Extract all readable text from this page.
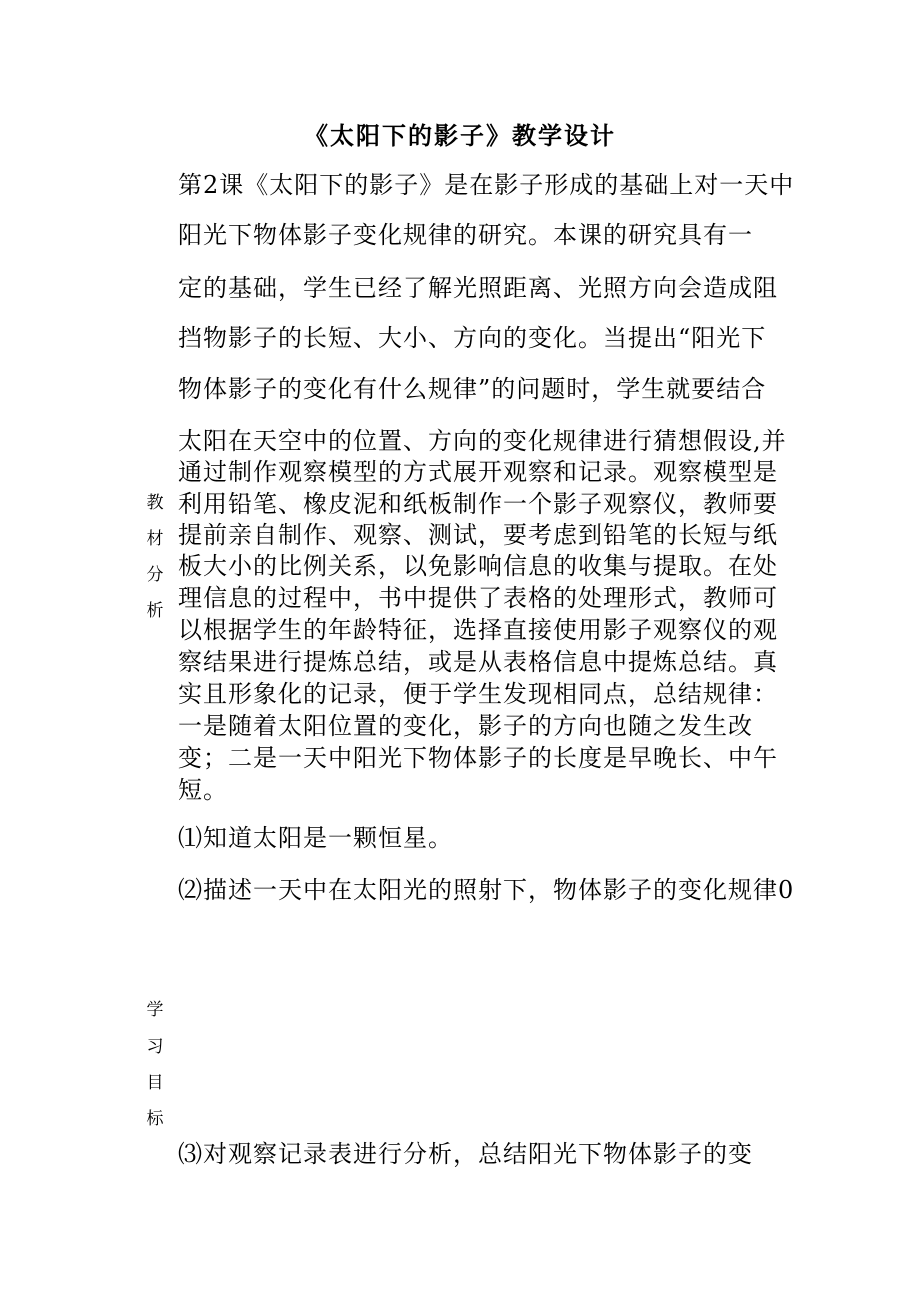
《太阳下的影子》教学设计
教
材
分
析
第2课《太阳下的影子》是在影子形成的基础上对一天中
阳光下物体影子变化规律的研究。本课的研究具有一
定的基础，学生已经了解光照距离、光照方向会造成阻
挡物影子的长短、大小、方向的变化。当提出“阳光下
物体影子的变化有什么规律”的问题时，学生就要结合
太阳在天空中的位置、方向的变化规律进行猜想假设,并
通过制作观察模型的方式展开观察和记录。观察模型是
利用铅笔、橡皮泥和纸板制作一个影子观察仪，教师要
提前亲自制作、观察、测试，要考虑到铅笔的长短与纸
板大小的比例关系，以免影响信息的收集与提取。在处
理信息的过程中，书中提供了表格的处理形式，教师可
以根据学生的年龄特征，选择直接使用影子观察仪的观
察结果进行提炼总结，或是从表格信息中提炼总结。真
实且形象化的记录，便于学生发现相同点，总结规律：
一是随着太阳位置的变化，影子的方向也随之发生改
变；二是一天中阳光下物体影子的长度是早晚长、中午
短。
⑴知道太阳是一颗恒星。
⑵描述一天中在太阳光的照射下，物体影子的变化规律0
⑶对观察记录表进行分析，总结阳光下物体影子的变
学
习
目
标
